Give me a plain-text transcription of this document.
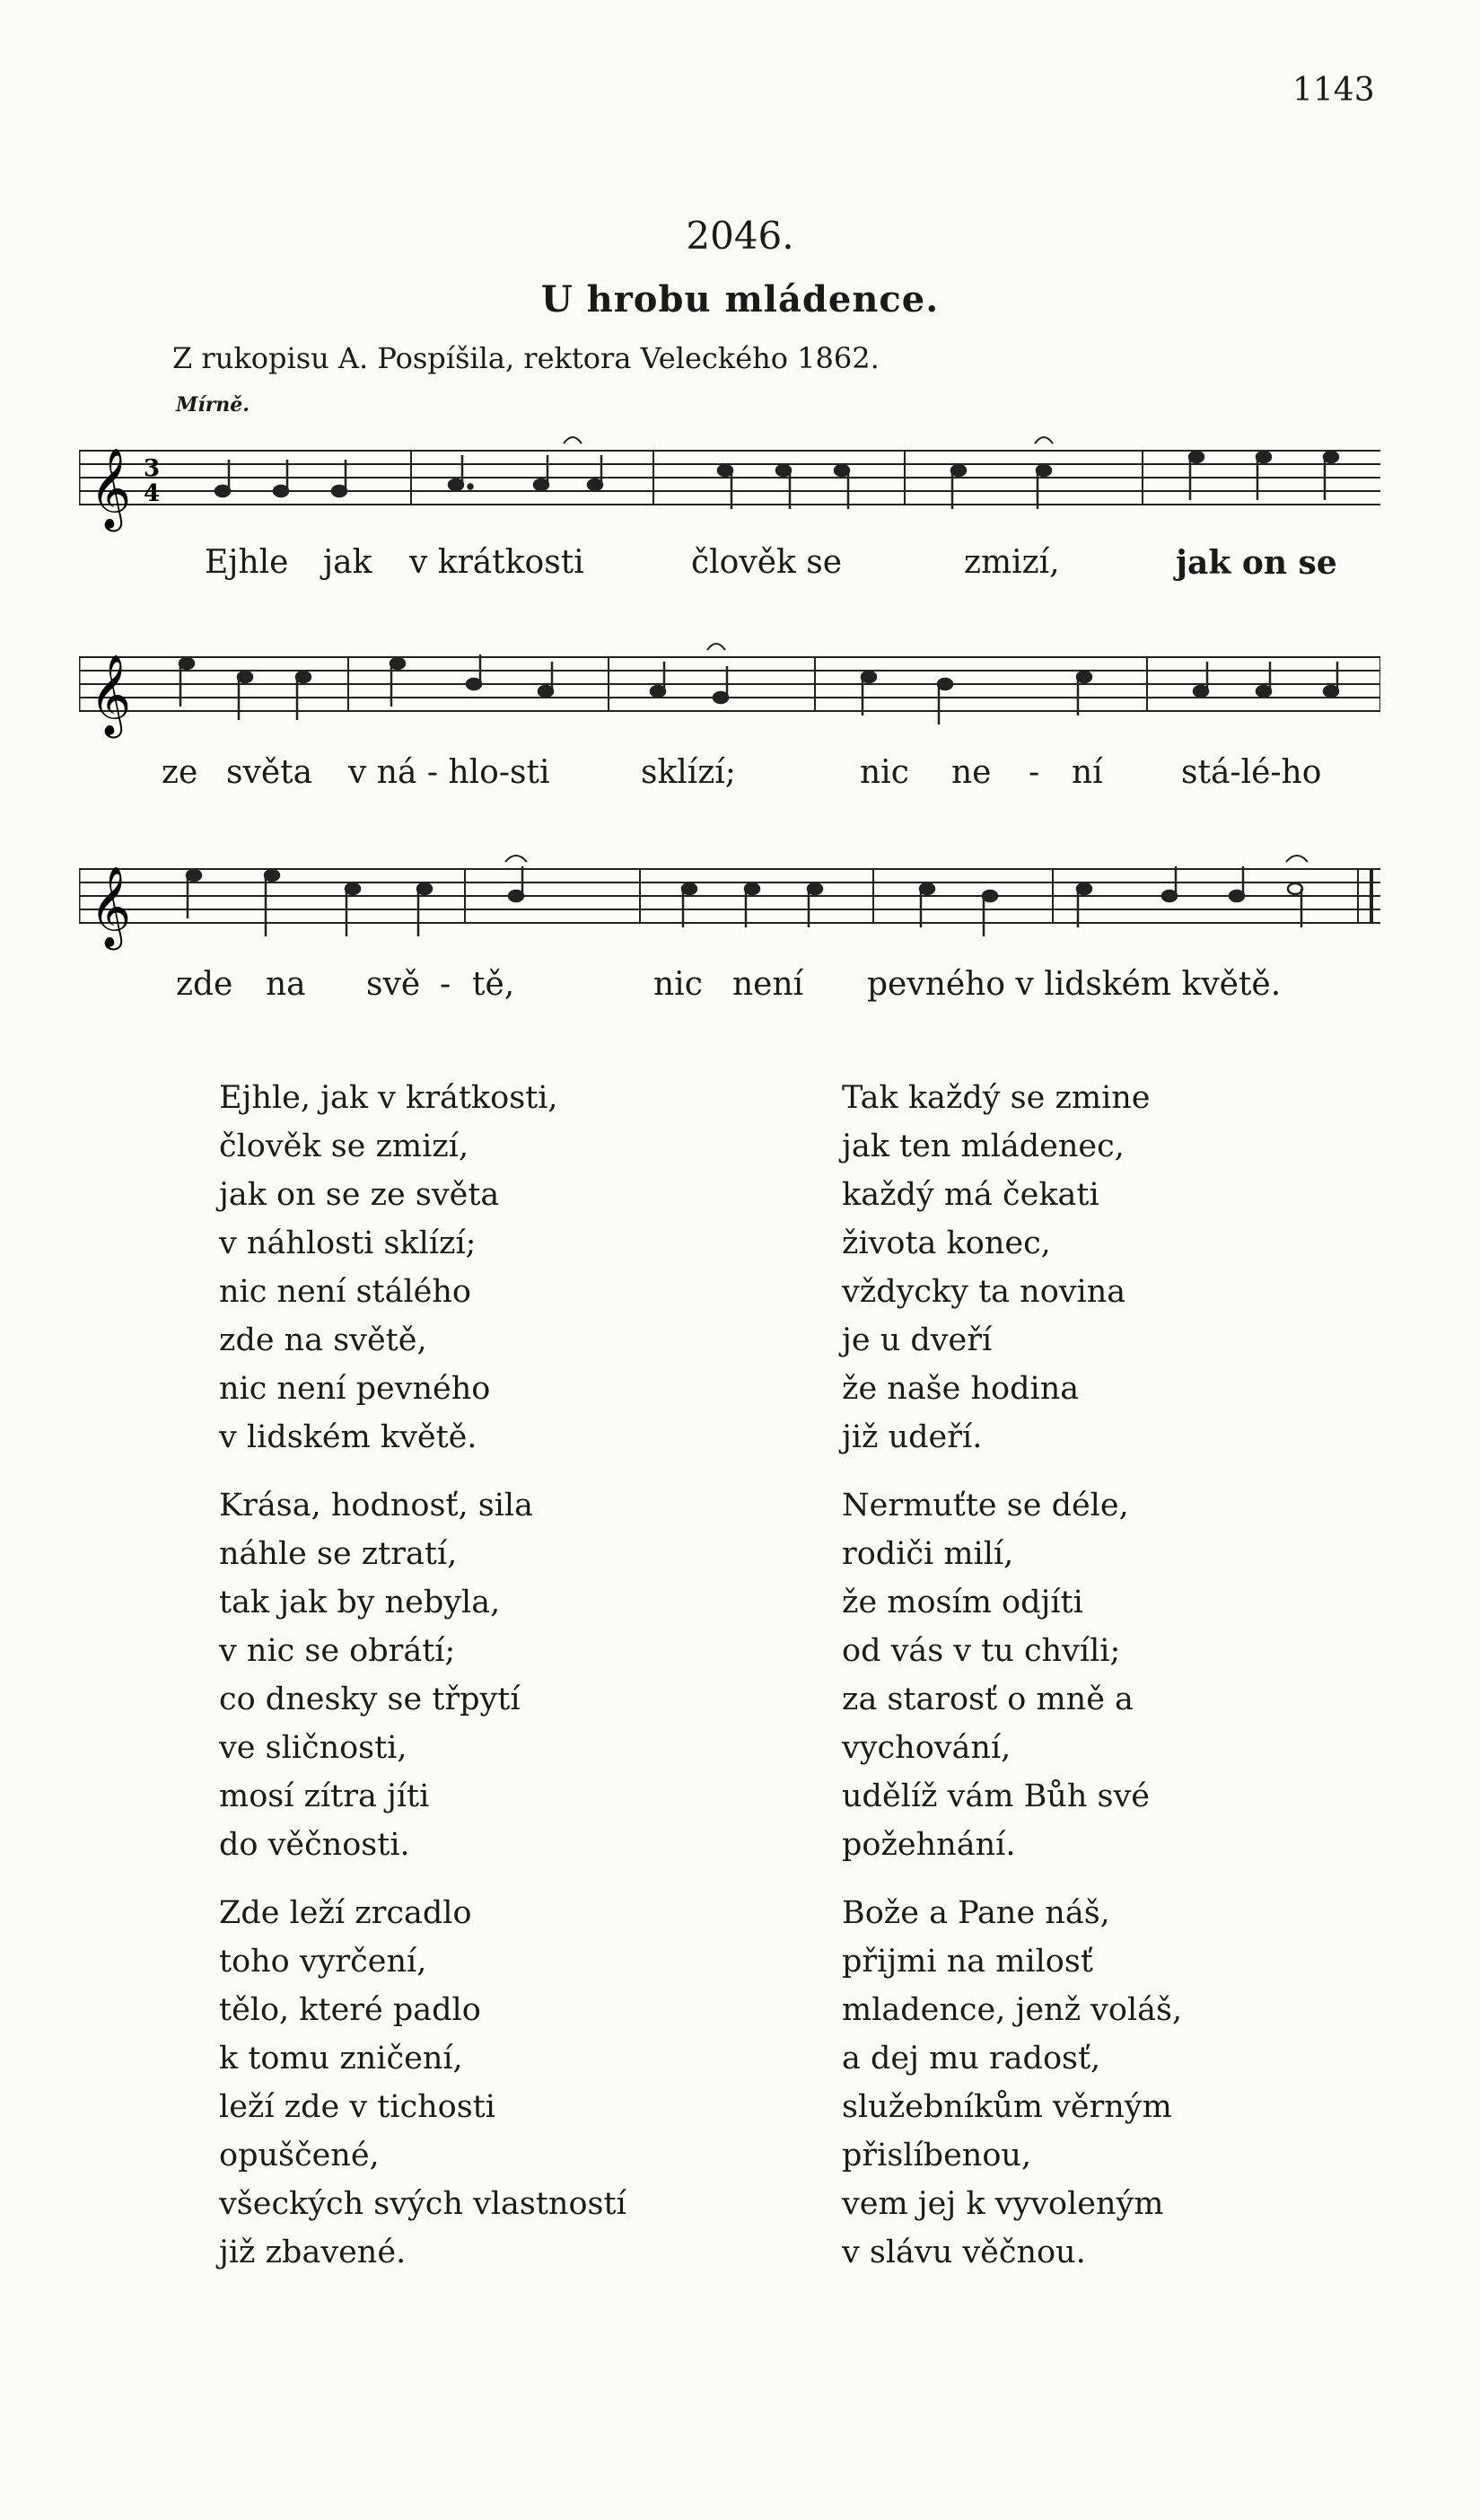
1143
2046.
U hrobu mládence.
Z rukopisu A. Pospíšila, rektora Veleckého 1862.
Mírně.
𝄞 3
4
Ejhle jak v krátkosti	člověk se	zmizí,	jak on se
𝄞
ze světa v ná - hlo-sti	sklízí;	nic ne - ní stá-lé-ho
𝄞
zde na svě - tě,	nic není pevného v lidském květě.
Ejhle, jak v krátkosti,
člověk se zmizí,
jak on se ze světa
v náhlosti sklízí;
nic není stálého
zde na světě,
nic není pevného
v lidském květě.
Krása, hodnosť, sila
náhle se ztratí,
tak jak by nebyla,
v nic se obrátí;
co dnesky se třpytí
ve sličnosti,
mosí zítra jíti
do věčnosti.
Zde leží zrcadlo
toho vyrčení,
tělo, které padlo
k tomu zničení,
leží zde v tichosti
opuščené,
všeckých svých vlastností
již zbavené.
Tak každý se zmine
jak ten mládenec,
každý má čekati
života konec,
vždycky ta novina
je u dveří
že naše hodina
již udeří.
Nermuťte se déle,
rodiči milí,
že mosím odjíti
od vás v tu chvíli;
za starosť o mně a
vychování,
udělíž vám Bůh své
požehnání.
Bože a Pane náš,
přijmi na milosť
mladence, jenž voláš,
a dej mu radosť,
služebníkům věrným
přislíbenou,
vem jej k vyvoleným
v slávu věčnou.
